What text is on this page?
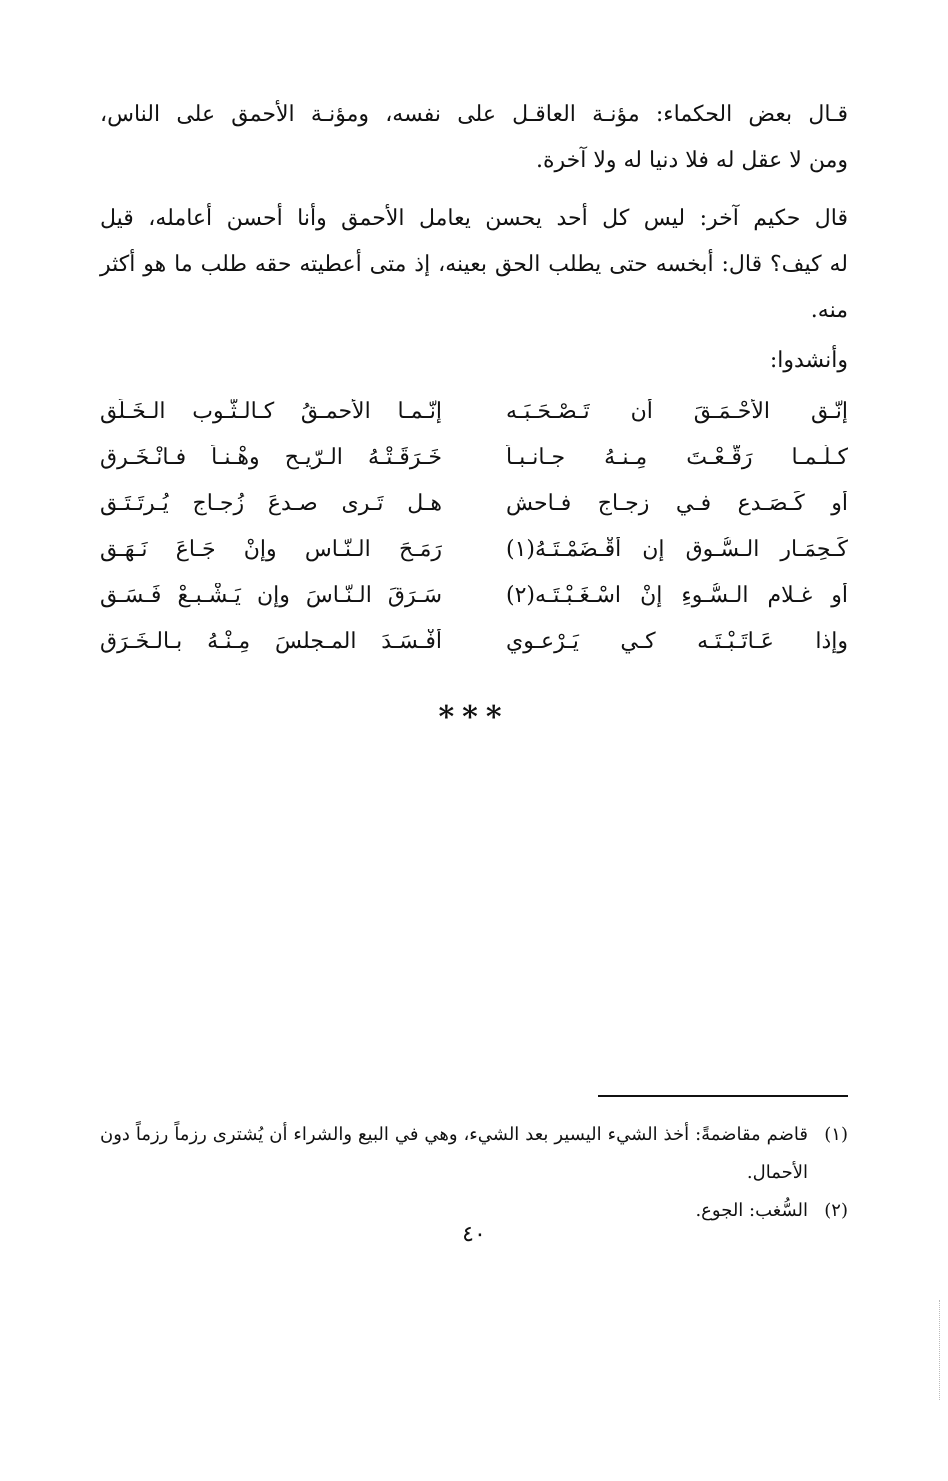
قـال بعض الحكماء: مؤنـة العاقـل على نفسه، ومؤنـة الأحمق على الناس،
ومن لا عقل له فلا دنيا له ولا آخرة.
قال حكيم آخر: ليس كل أحد يحسن يعامل الأحمق وأنا أحسن أعامله، قيل
له كيف؟ قال: أبخسه حتى يطلب الحق بعينه، إذ متى أعطيته حقه طلب ما هو أكثر
منه.
وأنشدوا:
إنّـق الأحْـمَـقَ أن تَـصْـحَـبَـه
إنّـمـا الأحمـقُ كـالـثّـوب الـخَـلَقِ
كـلّـمـا رَقّـعْـتَ مِـنـهُ جـانـبـاً
خَـرَقَـتْـهُ الـرّيـح وهْـنـاً فـانْـخَـرقِ
أو كَـصَـدعٍ فـي زجـاجٍ فـاحش
هـل تَـرى صـدعَ زُجـاجٍ يُـرتَـتَـق
كَـحِمَـارِ الـسُّـوقِ إن أقْـضَمْـتَـهُ(١)
رَمَـحَ الـنّـاس وإنْ جَـاعَ نَـهَـقِ
أو غـلامِ الـسُّـوءِ إنْ اسْـغَـبْـتَـه(٢)
سَـرَقَ الـنّـاسَ وإن يَـشْـبـعْ فَـسَـق
وإذا عَـاتَـبْـتَـه كـي يَـرْعـوي
أفْـسَـدَ المـجلسَ مِـنْـهُ بـالـخَـرَقِ
***
(١)
قاضم مقاضمةً: أخذ الشيء اليسير بعد الشيء، وهي في البيع والشراء أن يُشترى رزماً رزماً دون الأحمال.
(٢)
السُّغب: الجوع.
٤٠
